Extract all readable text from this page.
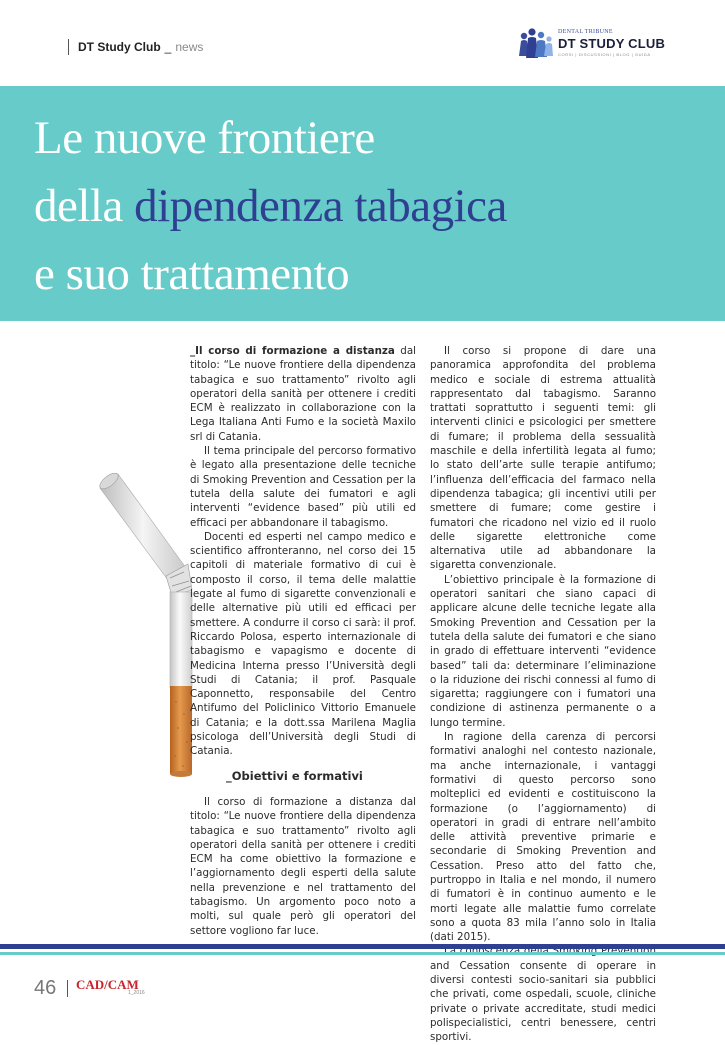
DT Study Club _ news
DENTAL TRIBUNE
DT STUDY CLUB
CORSI | DISCUSSIONI | BLOG | GUIDA
Le nuove frontiere
della dipendenza tabagica
e suo trattamento

_Il corso di formazione a distanza dal titolo: “Le nuove frontiere della dipendenza tabagica e suo trattamento” rivolto agli operatori della sanità per ottenere i crediti ECM è realizzato in collaborazione con la Lega Italiana Anti Fumo e la società Maxilo srl di Catania.

Il tema principale del percorso formativo è legato alla presentazione delle tecniche di Smoking Prevention and Cessation per la tutela della salute dei fumatori e agli interventi “evidence based” più utili ed efficaci per abbandonare il tabagismo.

Docenti ed esperti nel campo medico e scientifico affronteranno, nel corso dei 15 capitoli di materiale formativo di cui è composto il corso, il tema delle malattie legate al fumo di sigarette convenzionali e delle alternative più utili ed efficaci per smettere. A condurre il corso ci sarà: il prof. Riccardo Polosa, esperto internazionale di tabagismo e vapagismo e docente di Medicina Interna presso l’Università degli Studi di Catania; il prof. Pasquale Caponnetto, responsabile del Centro Antifumo del Policlinico Vittorio Emanuele di Catania; e la dott.ssa Marilena Maglia psicologa dell’Università degli Studi di Catania.

_Obiettivi e formativi

Il corso di formazione a distanza dal titolo: “Le nuove frontiere della dipendenza tabagica e suo trattamento” rivolto agli operatori della sanità per ottenere i crediti ECM ha come obiettivo la formazione e l’aggiornamento degli esperti della salute nella prevenzione e nel trattamento del tabagismo. Un argomento poco noto a molti, sul quale però gli operatori del settore vogliono far luce.

Il corso si propone di dare una panoramica approfondita del problema medico e sociale di estrema attualità rappresentato dal tabagismo. Saranno trattati soprattutto i seguenti temi: gli interventi clinici e psicologici per smettere di fumare; il problema della sessualità maschile e della infertilità legata al fumo; lo stato dell’arte sulle terapie antifumo; l’influenza dell’efficacia del farmaco nella dipendenza tabagica; gli incentivi utili per smettere di fumare; come gestire i fumatori che ricadono nel vizio ed il ruolo delle sigarette elettroniche come alternativa utile ad abbandonare la sigaretta convenzionale.

L’obiettivo principale è la formazione di operatori sanitari che siano capaci di applicare alcune delle tecniche legate alla Smoking Prevention and Cessation per la tutela della salute dei fumatori e che siano in grado di effettuare interventi “evidence based” tali da: determinare l’eliminazione o la riduzione dei rischi connessi al fumo di sigaretta; raggiungere con i fumatori una condizione di astinenza permanente o a lungo termine.

In ragione della carenza di percorsi formativi analoghi nel contesto nazionale, ma anche internazionale, i vantaggi formativi di questo percorso sono molteplici ed evidenti e costituiscono la formazione (o l’aggiornamento) di operatori in gradi di entrare nell’ambito delle attività preventive primarie e secondarie di Smoking Prevention and Cessation. Preso atto del fatto che, purtroppo in Italia e nel mondo, il numero di fumatori è in continuo aumento e le morti legate alle malattie fumo correlate sono a quota 83 mila l’anno solo in Italia (dati 2015).

and Cessation consente di operare in diversi contesti socio-sanitari sia pubblici che privati, come ospedali, scuole, cliniche private o private accreditate, studi medici polispecialistici, centri benessere, centri sportivi.

46 CAD/CAM
1_2016
